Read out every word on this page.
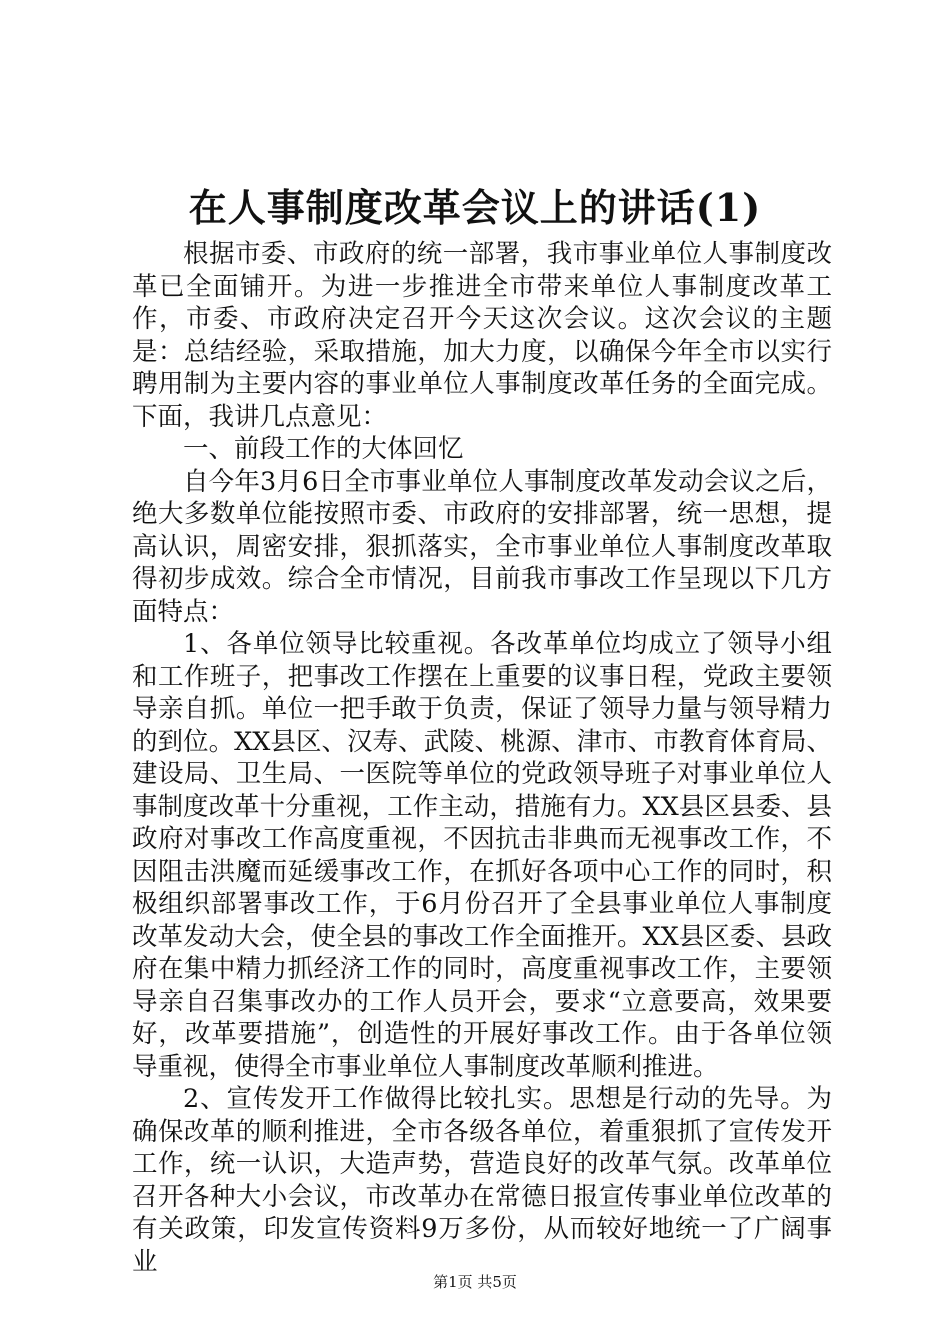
在人事制度改革会议上的讲话(1)

根据市委、市政府的统一部署，我市事业单位人事制度改革已全面铺开。为进一步推进全市带来单位人事制度改革工作，市委、市政府决定召开今天这次会议。这次会议的主题是：总结经验，采取措施，加大力度，以确保今年全市以实行聘用制为主要内容的事业单位人事制度改革任务的全面完成。下面，我讲几点意见：

一、前段工作的大体回忆

自今年3月6日全市事业单位人事制度改革发动会议之后，绝大多数单位能按照市委、市政府的安排部署，统一思想，提高认识，周密安排，狠抓落实，全市事业单位人事制度改革取得初步成效。综合全市情况，目前我市事改工作呈现以下几方面特点：

1、各单位领导比较重视。各改革单位均成立了领导小组和工作班子，把事改工作摆在上重要的议事日程，党政主要领导亲自抓。单位一把手敢于负责，保证了领导力量与领导精力的到位。XX县区、汉寿、武陵、桃源、津市、市教育体育局、建设局、卫生局、一医院等单位的党政领导班子对事业单位人事制度改革十分重视，工作主动，措施有力。XX县区县委、县政府对事改工作高度重视，不因抗击非典而无视事改工作，不因阻击洪魔而延缓事改工作，在抓好各项中心工作的同时，积极组织部署事改工作，于6月份召开了全县事业单位人事制度改革发动大会，使全县的事改工作全面推开。XX县区委、县政府在集中精力抓经济工作的同时，高度重视事改工作，主要领导亲自召集事改办的工作人员开会，要求“立意要高，效果要好，改革要措施”，创造性的开展好事改工作。由于各单位领导重视，使得全市事业单位人事制度改革顺利推进。

2、宣传发开工作做得比较扎实。思想是行动的先导。为确保改革的顺利推进，全市各级各单位，着重狠抓了宣传发开工作，统一认识，大造声势，营造良好的改革气氛。改革单位召开各种大小会议，市改革办在常德日报宣传事业单位改革的有关政策，印发宣传资料9万多份，从而较好地统一了广阔事业

第1页 共5页
